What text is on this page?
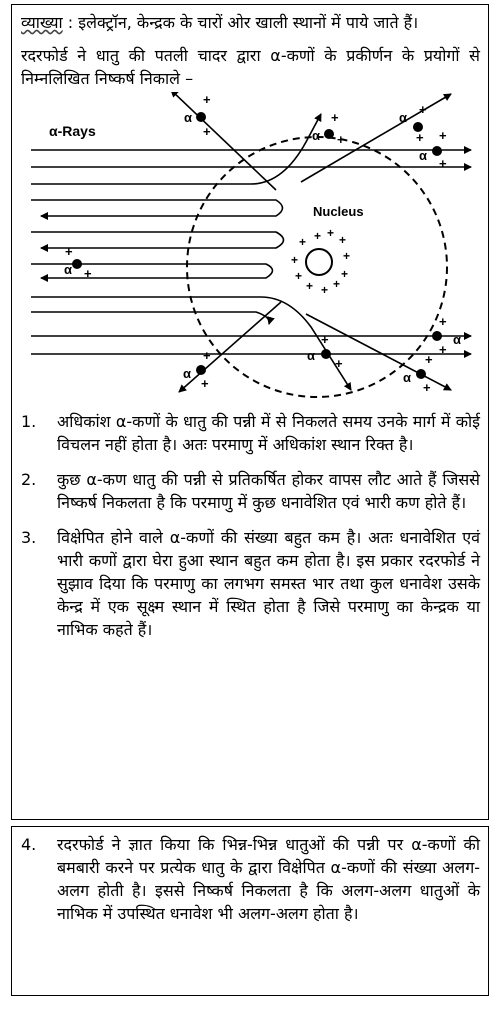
व्याख्या : इलेक्ट्रॉन, केन्द्रक के चारों ओर खाली स्थानों में पाये जाते हैं।

रदरफोर्ड ने धातु की पतली चादर द्वारा α-कणों के प्रकीर्णन के प्रयोगों से निम्नलिखित निष्कर्ष निकाले –

α-Rays
Nucleus
+ +
+	+
+	+
+	+
+ + +
α
+
+	α
+
+
α
+
+
α
+
+
α
+
+
α
+
+
α
+
+
α
+
+	α
+
+
1.	अधिकांश α-कणों के धातु की पन्नी में से निकलते समय उनके मार्ग में कोई विचलन नहीं होता है। अतः परमाणु में अधिकांश स्थान रिक्त है।
2.	कुछ α-कण धातु की पन्नी से प्रतिकर्षित होकर वापस लौट आते हैं जिससे निष्कर्ष निकलता है कि परमाणु में कुछ धनावेशित एवं भारी कण होते हैं।
3.	विक्षेपित होने वाले α-कणों की संख्या बहुत कम है। अतः धनावेशित एवं भारी कणों द्वारा घेरा हुआ स्थान बहुत कम होता है। इस प्रकार रदरफोर्ड ने सुझाव दिया कि परमाणु का लगभग समस्त भार तथा कुल धनावेश उसके केन्द्र में एक सूक्ष्म स्थान में स्थित होता है जिसे परमाणु का केन्द्रक या नाभिक कहते हैं।
4.	रदरफोर्ड ने ज्ञात किया कि भिन्न-भिन्न धातुओं की पन्नी पर α-कणों की बमबारी करने पर प्रत्येक धातु के द्वारा विक्षेपित α-कणों की संख्या अलग-अलग होती है। इससे निष्कर्ष निकलता है कि अलग-अलग धातुओं के नाभिक में उपस्थित धनावेश भी अलग-अलग होता है।
